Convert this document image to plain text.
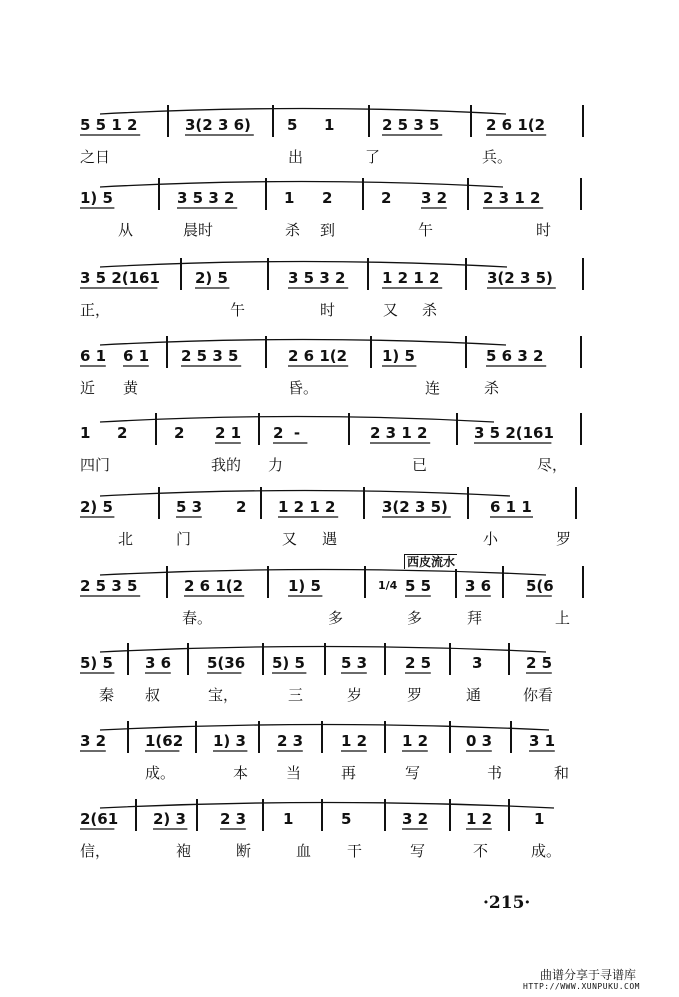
5 5 1 2	3(2 3 6) 5 1	2 5 3 5	2 6 1(2
之日	出	了	兵。
1) 5	3 5 3 2	1 2	2 3 2 2 3 1 2
从	晨时	杀 到	午	时
3 5 2(161 2) 5	3 5 3 2 1 2 1 2	3(2 3 5)
正，	午	时	又 杀
6 1 6 1 2 5 3 5	2 6 1(2 1) 5	5 6 3 2
近 黄	昏。	连	杀
1 2	2 2 1 2  -	2 3 1 2	3 5 2(161
四门	我的 力	已	尽，
2) 5	5 3 2 1 2 1 2	3(2 3 5)	6 1 1
北	门	又 遇	小	罗
2 5 3 5	2 6 1(2	1) 5	5 5 3 6 5(6
春。	多	多	拜	上
5) 5 3 6 5(36 5) 5 5 3	2 5	3	2 5
秦 叔	宝，	三	岁	罗	通	你看
3 2	1(62 1) 3 2 3	1 2 1 2	0 3 3 1
成。	本	当	再	写	书	和
2(61 2) 3 2 3 1	5	3 2	1 2	1
信，	袍	断	血 干	写	不	成。
1/4
西皮流水
·215·
曲谱分享于寻谱库
HTTP://WWW.XUNPUKU.COM
